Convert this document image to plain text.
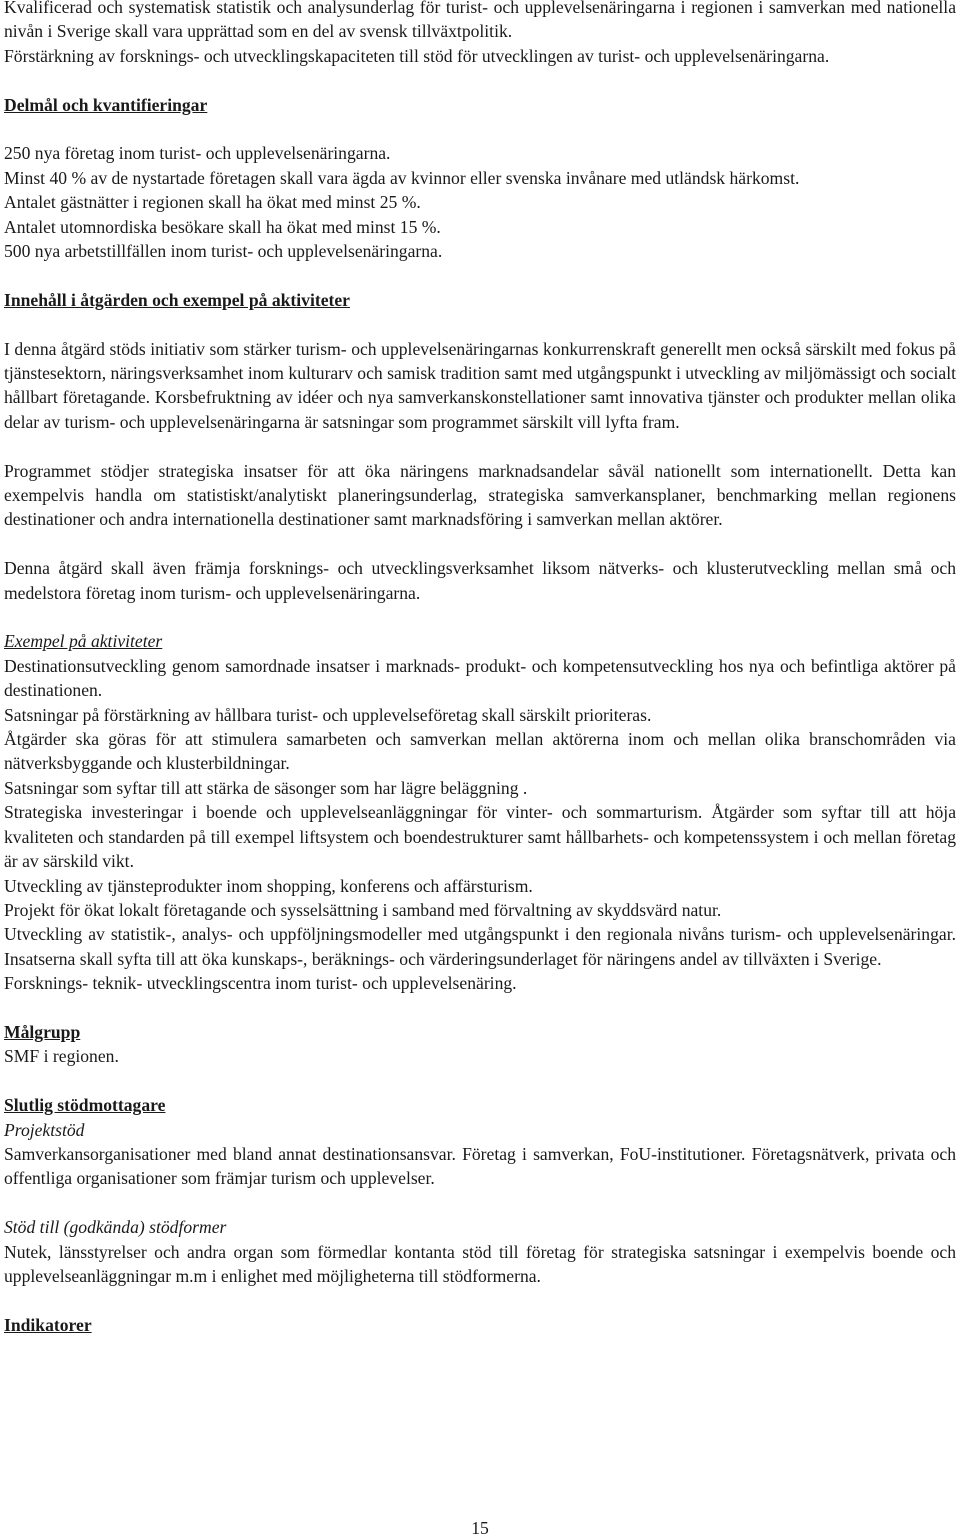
Kvalificerad och systematisk statistik och analysunderlag för turist- och upplevelsenäringarna i regionen i samverkan med nationella nivån i Sverige skall vara upprättad som en del av svensk tillväxtpolitik.

Förstärkning av forsknings- och utvecklingskapaciteten till stöd för utvecklingen av turist- och upplevelsenäringarna.

Delmål och kvantifieringar

250 nya företag inom turist- och upplevelsenäringarna.

Minst 40 % av de nystartade företagen skall vara ägda av kvinnor eller svenska invånare med utländsk härkomst.

Antalet gästnätter i regionen skall ha ökat med minst 25 %.

Antalet utomnordiska besökare skall ha ökat med minst 15 %.

500 nya arbetstillfällen inom turist- och upplevelsenäringarna.

Innehåll i åtgärden och exempel på aktiviteter

I denna åtgärd stöds initiativ som stärker turism- och upplevelsenäringarnas konkurrenskraft generellt men också särskilt med fokus på tjänstesektorn, näringsverksamhet inom kulturarv och samisk tradition samt med utgångspunkt i utveckling av miljömässigt och socialt hållbart företagande. Korsbefruktning av idéer och nya samverkanskonstellationer samt innovativa tjänster och produkter mellan olika delar av turism- och upplevelsenäringarna är satsningar som programmet särskilt vill lyfta fram.

Programmet stödjer strategiska insatser för att öka näringens marknadsandelar såväl nationellt som internationellt. Detta kan exempelvis handla om statistiskt/analytiskt planeringsunderlag, strategiska samverkansplaner, benchmarking mellan regionens destinationer och andra internationella destinationer samt marknadsföring i samverkan mellan aktörer.

Denna åtgärd skall även främja forsknings- och utvecklingsverksamhet liksom nätverks- och klusterutveckling mellan små och medelstora företag inom turism- och upplevelsenäringarna.

Exempel på aktiviteter

Destinationsutveckling genom samordnade insatser i marknads- produkt- och kompetensutveckling hos nya och befintliga aktörer på destinationen.

Satsningar på förstärkning av hållbara turist- och upplevelseföretag skall särskilt prioriteras.

Åtgärder ska göras för att stimulera samarbeten och samverkan mellan aktörerna inom och mellan olika branschområden via nätverksbyggande och klusterbildningar.

Satsningar som syftar till att stärka de säsonger som har lägre beläggning .

Strategiska investeringar i boende och upplevelseanläggningar för vinter- och sommarturism. Åtgärder som syftar till att höja kvaliteten och standarden på till exempel liftsystem och boendestrukturer samt hållbarhets- och kompetenssystem i och mellan företag är av särskild vikt.

Utveckling av tjänsteprodukter inom shopping, konferens och affärsturism.

Projekt för ökat lokalt företagande och sysselsättning i samband med förvaltning av skyddsvärd natur.

Utveckling av statistik-, analys- och uppföljningsmodeller med utgångspunkt i den regionala nivåns turism- och upplevelsenäringar. Insatserna skall syfta till att öka kunskaps-, beräknings- och värderingsunderlaget för näringens andel av tillväxten i Sverige.

Forsknings- teknik- utvecklingscentra inom turist- och upplevelsenäring.

Målgrupp

SMF i regionen.

Slutlig stödmottagare

Projektstöd

Samverkansorganisationer med bland annat destinationsansvar. Företag i samverkan, FoU-institutioner. Företagsnätverk, privata och offentliga organisationer som främjar turism och upplevelser.

Stöd till (godkända) stödformer

Nutek, länsstyrelser och andra organ som förmedlar kontanta stöd till företag för strategiska satsningar i exempelvis boende och upplevelseanläggningar m.m i enlighet med möjligheterna till stödformerna.

Indikatorer

15
